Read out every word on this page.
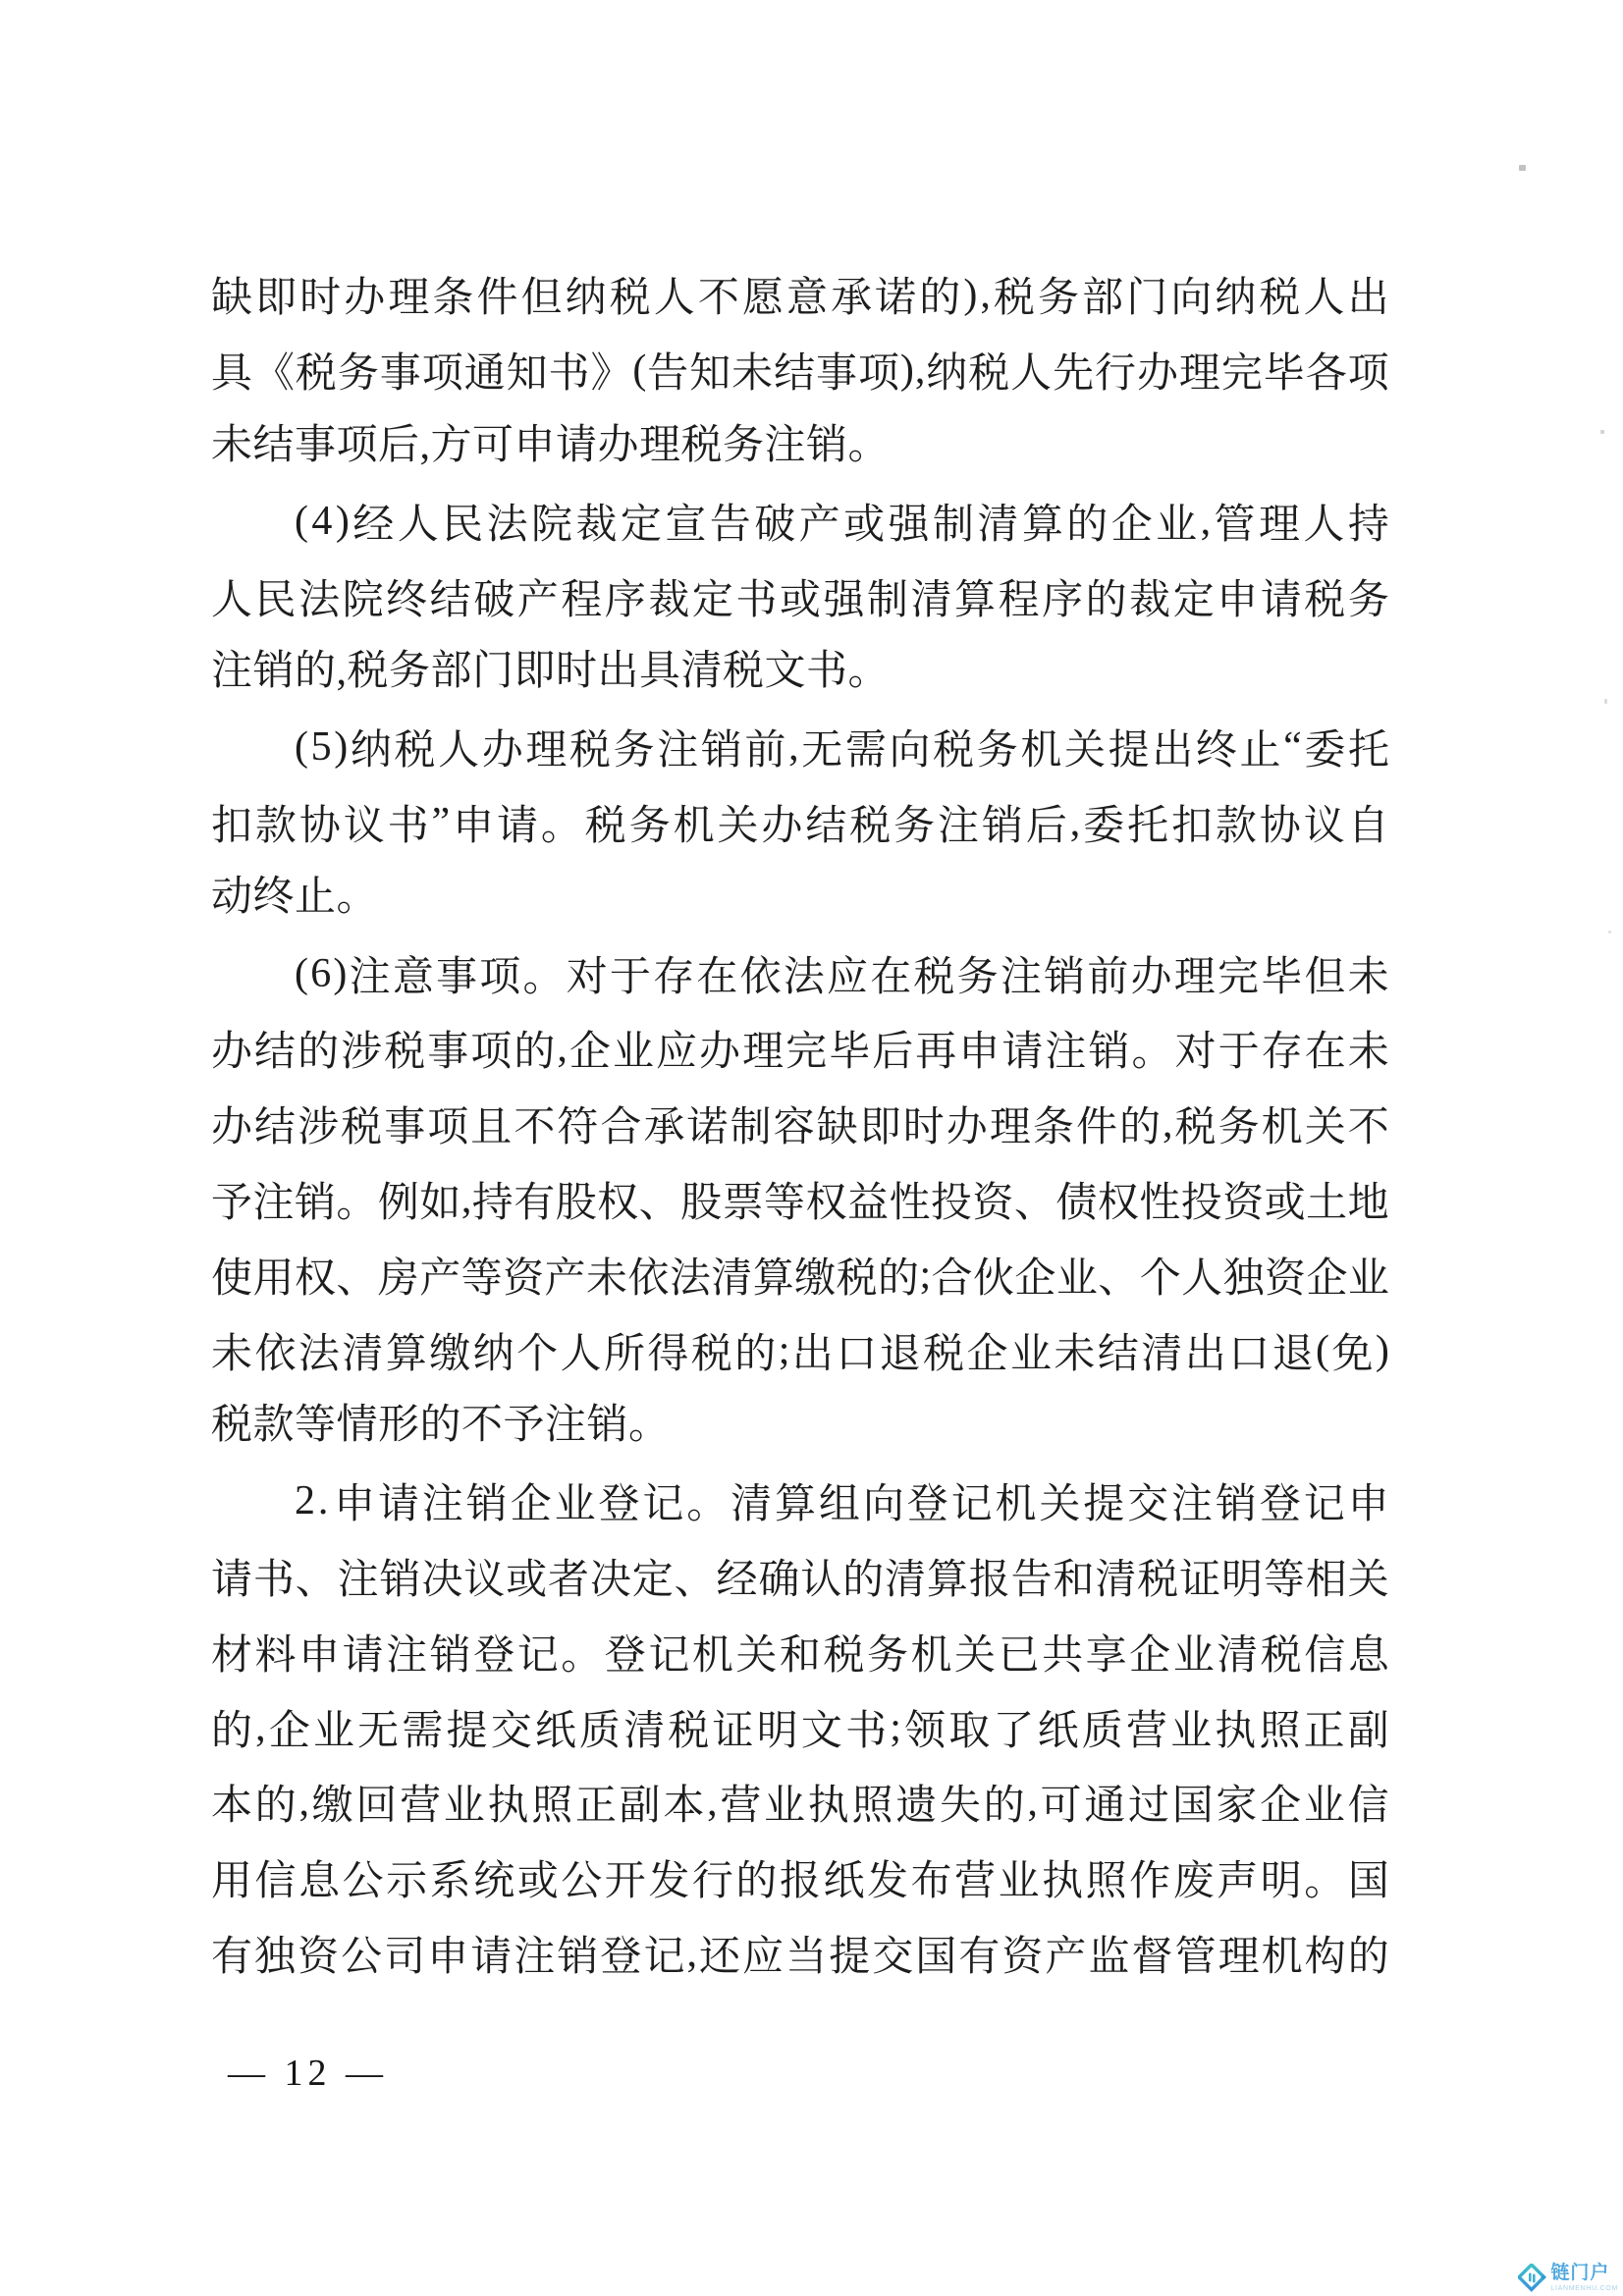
缺 即 时 办 理 条 件 但 纳 税 人 不 愿 意 承 诺 的 ) , 税 务 部 门 向 纳 税 人 出
具 《 税 务 事 项 通 知 书 》 ( 告 知 未 结 事 项 ) , 纳 税 人 先 行 办 理 完 毕 各 项
未结事项后,方可申请办理税务注销。
( 4 ) 经 人 民 法 院 裁 定 宣 告 破 产 或 强 制 清 算 的 企 业 , 管 理 人 持
人 民 法 院 终 结 破 产 程 序 裁 定 书 或 强 制 清 算 程 序 的 裁 定 申 请 税 务
注销的,税务部门即时出具清税文书。
( 5 ) 纳 税 人 办 理 税 务 注 销 前 , 无 需 向 税 务 机 关 提 出 终 止 “ 委 托
扣 款 协 议 书 ” 申 请 。 税 务 机 关 办 结 税 务 注 销 后 , 委 托 扣 款 协 议 自
动终止。
( 6 ) 注 意 事 项 。 对 于 存 在 依 法 应 在 税 务 注 销 前 办 理 完 毕 但 未
办 结 的 涉 税 事 项 的 , 企 业 应 办 理 完 毕 后 再 申 请 注 销 。 对 于 存 在 未
办 结 涉 税 事 项 且 不 符 合 承 诺 制 容 缺 即 时 办 理 条 件 的 , 税 务 机 关 不
予 注 销 。 例 如 , 持 有 股 权 、 股 票 等 权 益 性 投 资 、 债 权 性 投 资 或 土 地
使 用 权 、 房 产 等 资 产 未 依 法 清 算 缴 税 的 ; 合 伙 企 业 、 个 人 独 资 企 业
未 依 法 清 算 缴 纳 个 人 所 得 税 的 ; 出 口 退 税 企 业 未 结 清 出 口 退 ( 免 )
税款等情形的不予注销。
2 . 申 请 注 销 企 业 登 记 。 清 算 组 向 登 记 机 关 提 交 注 销 登 记 申
请 书 、 注 销 决 议 或 者 决 定 、 经 确 认 的 清 算 报 告 和 清 税 证 明 等 相 关
材 料 申 请 注 销 登 记 。 登 记 机 关 和 税 务 机 关 已 共 享 企 业 清 税 信 息
的 , 企 业 无 需 提 交 纸 质 清 税 证 明 文 书 ; 领 取 了 纸 质 营 业 执 照 正 副
本 的 , 缴 回 营 业 执 照 正 副 本 , 营 业 执 照 遗 失 的 , 可 通 过 国 家 企 业 信
用 信 息 公 示 系 统 或 公 开 发 行 的 报 纸 发 布 营 业 执 照 作 废 声 明 。 国
有 独 资 公 司 申 请 注 销 登 记 , 还 应 当 提 交 国 有 资 产 监 督 管 理 机 构 的
— 12 —
链门户
LIANMENHU.COM
